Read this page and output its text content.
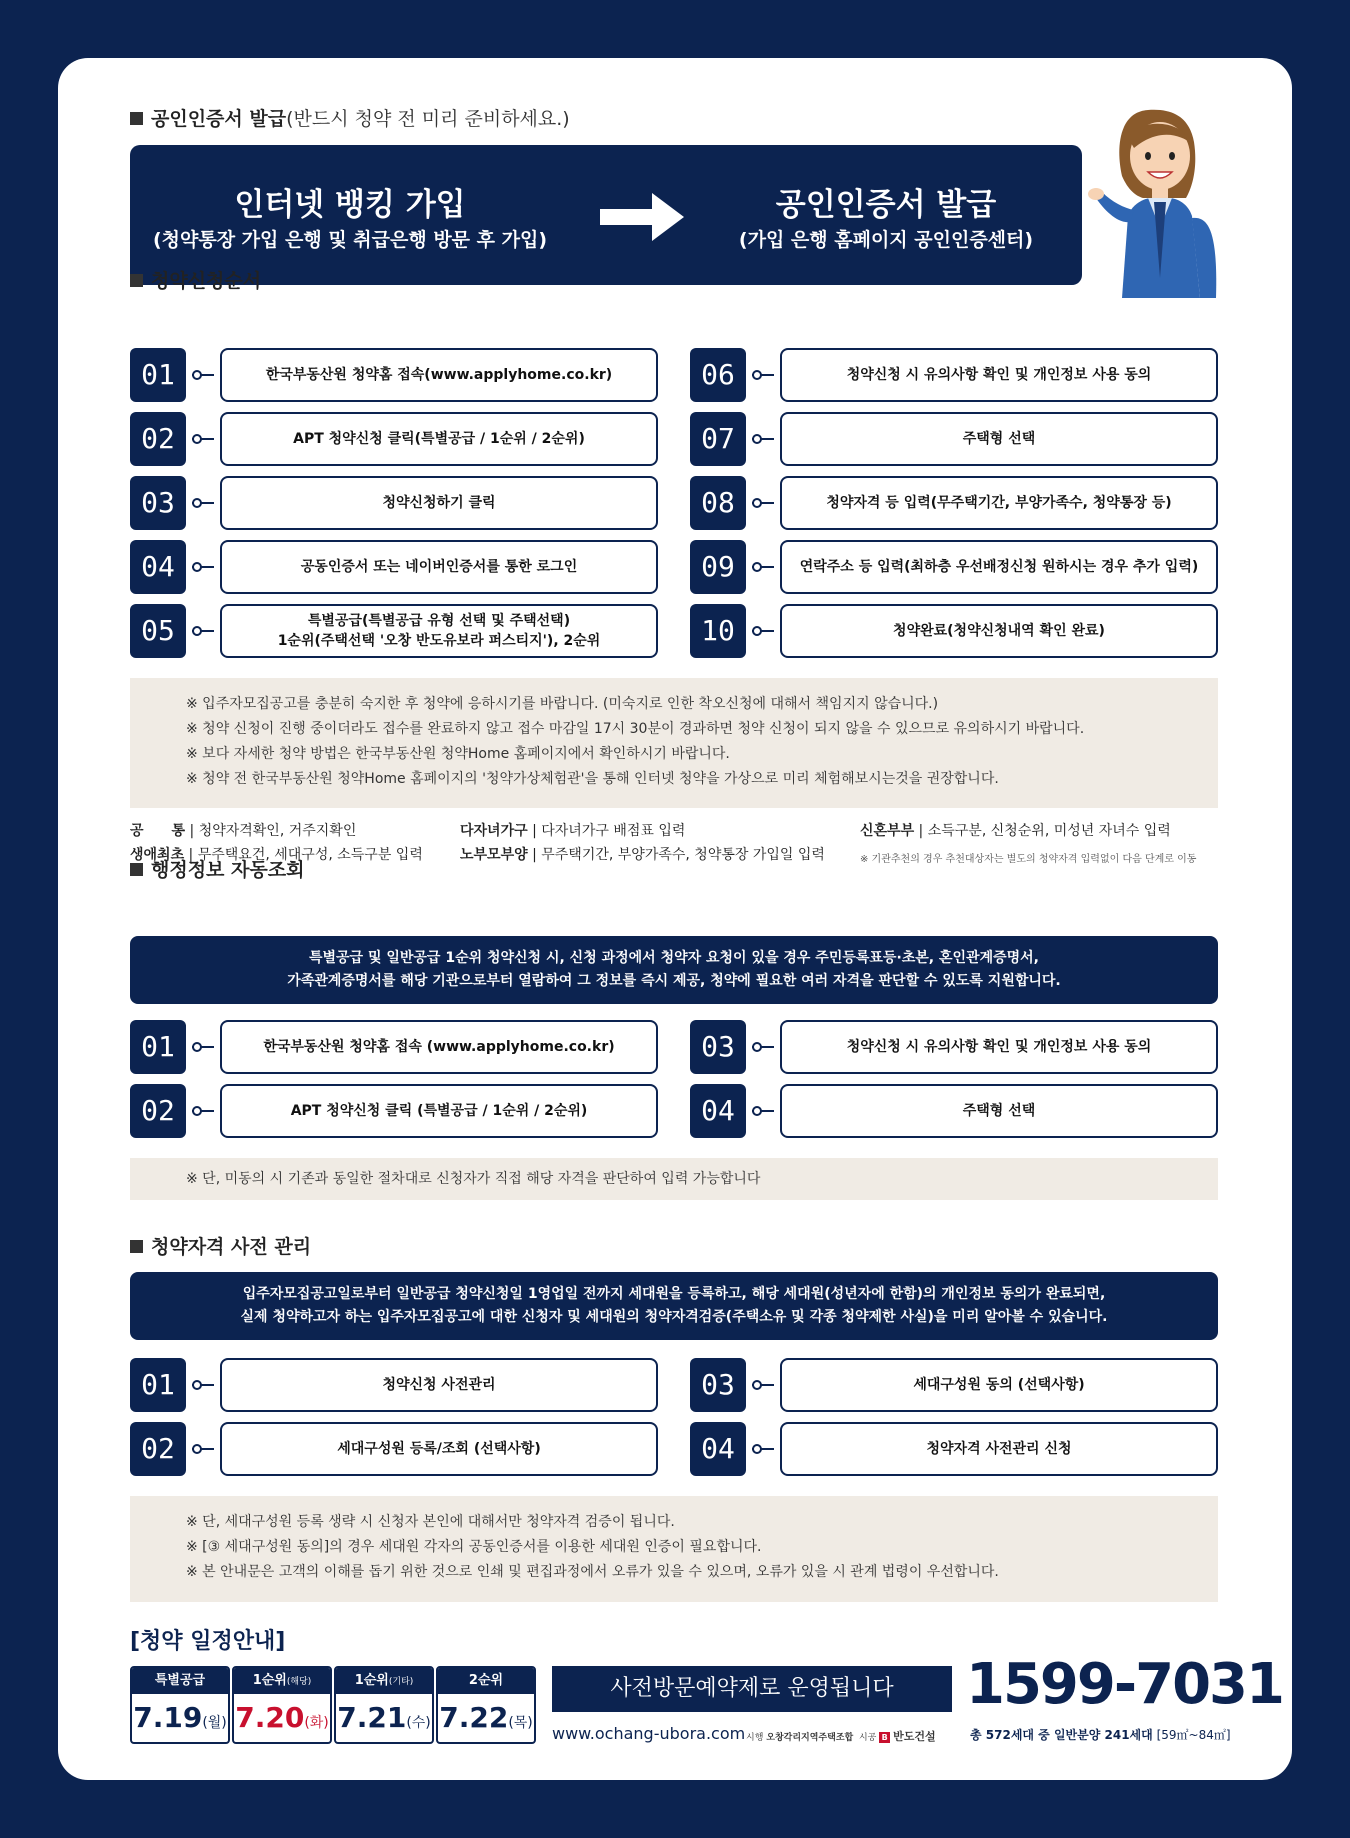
공인인증서 발급(반드시 청약 전 미리 준비하세요.)
인터넷 뱅킹 가입
(청약통장 가입 은행 및 취급은행 방문 후 가입)
공인인증서 발급
(가입 은행 홈페이지 공인인증센터)
청약신청순서
01	한국부동산원 청약홈 접속(www.applyhome.co.kr)
02	APT 청약신청 클릭(특별공급 / 1순위 / 2순위)
03	청약신청하기 클릭
04	공동인증서 또는 네이버인증서를 통한 로그인
05	특별공급(특별공급 유형 선택 및 주택선택)
1순위(주택선택 '오창 반도유보라 퍼스티지'), 2순위
06	청약신청 시 유의사항 확인 및 개인정보 사용 동의
07	주택형 선택
08	청약자격 등 입력(무주택기간, 부양가족수, 청약통장 등)
09	연락주소 등 입력(최하층 우선배정신청 원하시는 경우 추가 입력)
10	청약완료(청약신청내역 확인 완료)
※ 입주자모집공고를 충분히 숙지한 후 청약에 응하시기를 바랍니다. (미숙지로 인한 착오신청에 대해서 책임지지 않습니다.)
※ 청약 신청이 진행 중이더라도 접수를 완료하지 않고 접수 마감일 17시 30분이 경과하면 청약 신청이 되지 않을 수 있으므로 유의하시기 바랍니다.
※ 보다 자세한 청약 방법은 한국부동산원 청약Home 홈페이지에서 확인하시기 바랍니다.
※ 청약 전 한국부동산원 청약Home 홈페이지의 '청약가상체험관'을 통해 인터넷 청약을 가상으로 미리 체험해보시는것을 권장합니다.
공　　통 | 청약자격확인, 거주지확인
생애최초 | 무주택요건, 세대구성, 소득구분 입력
다자녀가구 | 다자녀가구 배점표 입력
노부모부양 | 무주택기간, 부양가족수, 청약통장 가입일 입력
신혼부부 | 소득구분, 신청순위, 미성년 자녀수 입력
※ 기관추천의 경우 추천대상자는 별도의 청약자격 입력없이 다음 단계로 이동
행정정보 자동조회
특별공급 및 일반공급 1순위 청약신청 시, 신청 과정에서 청약자 요청이 있을 경우 주민등록표등·초본, 혼인관계증명서,
가족관계증명서를 해당 기관으로부터 열람하여 그 정보를 즉시 제공, 청약에 필요한 여러 자격을 판단할 수 있도록 지원합니다.
01	한국부동산원 청약홈 접속 (www.applyhome.co.kr)
02	APT 청약신청 클릭 (특별공급 / 1순위 / 2순위)
03	청약신청 시 유의사항 확인 및 개인정보 사용 동의
04	주택형 선택
※ 단, 미동의 시 기존과 동일한 절차대로 신청자가 직접 해당 자격을 판단하여 입력 가능합니다
청약자격 사전 관리
입주자모집공고일로부터 일반공급 청약신청일 1영업일 전까지 세대원을 등록하고, 해당 세대원(성년자에 한함)의 개인정보 동의가 완료되면,
실제 청약하고자 하는 입주자모집공고에 대한 신청자 및 세대원의 청약자격검증(주택소유 및 각종 청약제한 사실)을 미리 알아볼 수 있습니다.
01	청약신청 사전관리
02	세대구성원 등록/조회 (선택사항)
03	세대구성원 동의 (선택사항)
04	청약자격 사전관리 신청
※ 단, 세대구성원 등록 생략 시 신청자 본인에 대해서만 청약자격 검증이 됩니다.
※ [③ 세대구성원 동의]의 경우 세대원 각자의 공동인증서를 이용한 세대원 인증이 필요합니다.
※ 본 안내문은 고객의 이해를 돕기 위한 것으로 인쇄 및 편집과정에서 오류가 있을 수 있으며, 오류가 있을 시 관계 법령이 우선합니다.
[청약 일정안내]
특별공급
7.19(월)
1순위(해당)
7.20(화)
1순위(기타)
7.21(수)
2순위
7.22(목)
사전방문예약제로 운영됩니다
www.ochang-ubora.com 시행 오창각리지역주택조합 시공 B 반도건설
1599-7031
총 572세대 중 일반분양 241세대 [59㎡~84㎡]
